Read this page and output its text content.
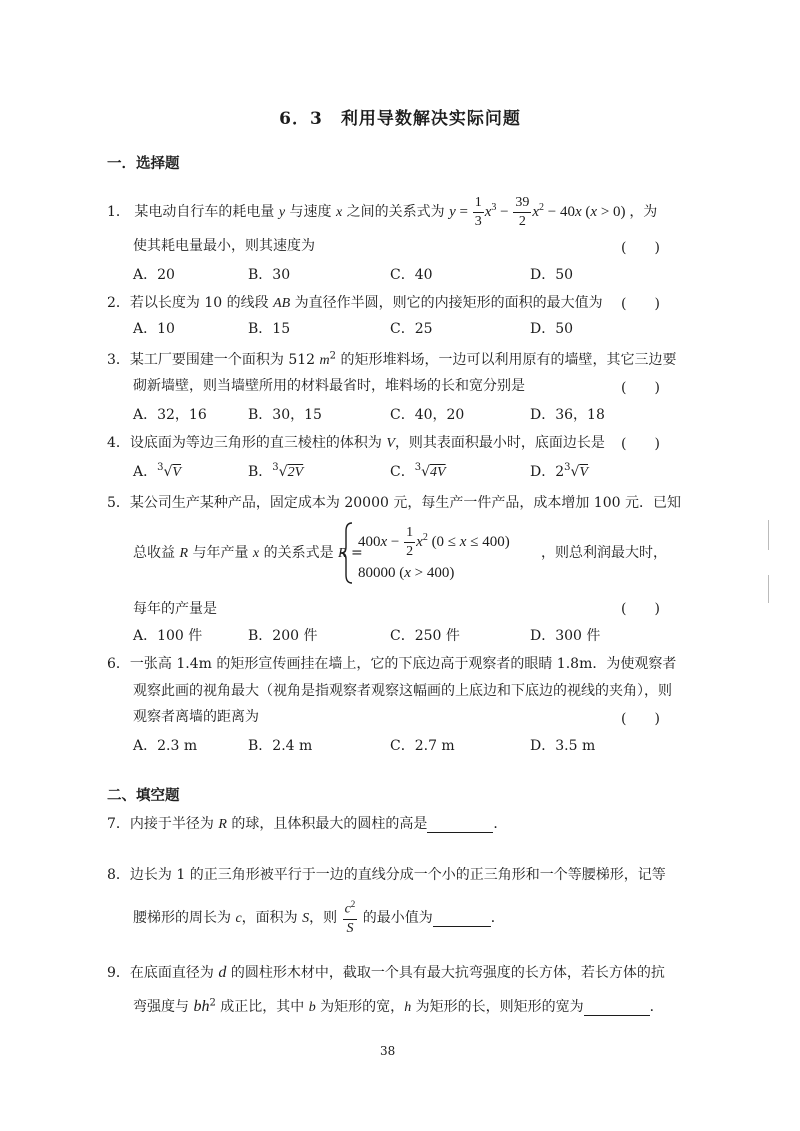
6．3　利用导数解决实际问题
一．选择题
1． 某电动自行车的耗电量 y 与速度 x 之间的关系式为 $y = \frac{1}{3} x^3 - \frac{39}{2} x^2 - 40x$ (x > 0) ，为
使其耗电量最小，则其速度为	(　　)
A．20	B．30	C．40	D．50
2．若以长度为 10 的线段 AB 为直径作半圆，则它的内接矩形的面积的最大值为 (　　)
A．10	B．15	C．25	D．50
3．某工厂要围建一个面积为 512 $m^2$ 的矩形堆料场，一边可以利用原有的墙壁，其它三边要
砌新墙壁，则当墙壁所用的材料最省时，堆料场的长和宽分别是	(　　)
A．32，16	B．30，15	C．40，20	D．36，18
4．设底面为等边三角形的直三棱柱的体积为 V，则其表面积最小时，底面边长是 (　　)
A．$^3$√V	B．$^3$√2V	C．$^3$√4V	D．$2^3√V$
5．某公司生产某种产品，固定成本为 20000 元，每生产一件产品，成本增加 100 元．已知
总收益 R 与年产量 x 的关系式是 R =
$400x - \frac{1}{2} x^2$ (0 ≤ x ≤ 400)
80000 (x > 400)
，则总利润最大时，
每年的产量是	(　　)
A．100 件	B．200 件	C．250 件	D．300 件
6．一张高 1.4m 的矩形宣传画挂在墙上，它的下底边高于观察者的眼睛 1.8m．为使观察者
观察此画的视角最大（视角是指观察者观察这幅画的上底边和下底边的视线的夹角），则
观察者离墙的距离为	(　　)
A．2.3 m	B．2.4 m	C．2.7 m	D．3.5 m
二、填空题
7．内接于半径为 R 的球，且体积最大的圆柱的高是	．
8．边长为 1 的正三角形被平行于一边的直线分成一个小的正三角形和一个等腰梯形，记等
腰梯形的周长为 c，面积为 S，则 $\frac{c^2}{S}$ 的最小值为	．
9．在底面直径为 d 的圆柱形木材中，截取一个具有最大抗弯强度的长方体，若长方体的抗
弯强度与 $bh^2$ 成正比，其中 b 为矩形的宽，h 为矩形的长，则矩形的宽为	．
38
